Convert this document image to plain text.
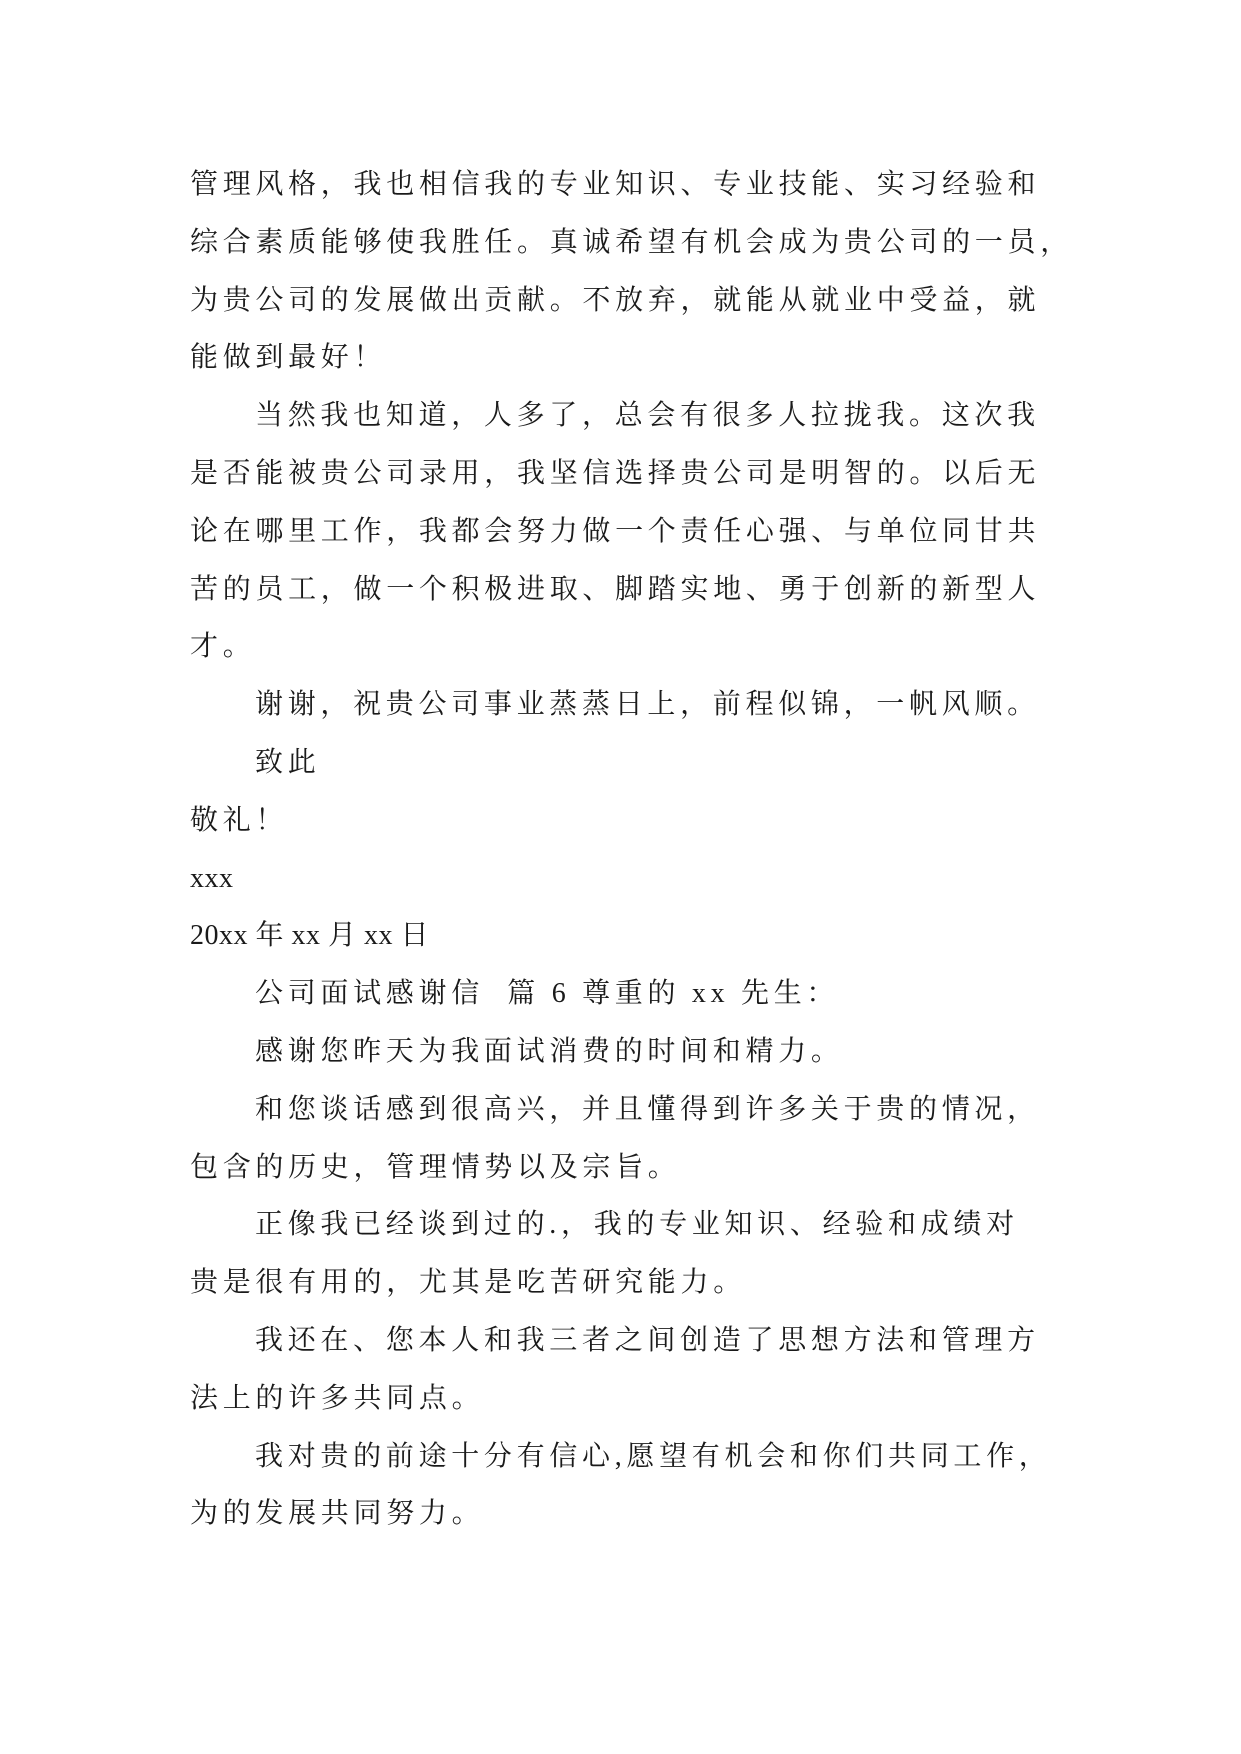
管理风格，我也相信我的专业知识、专业技能、实习经验和
综合素质能够使我胜任。真诚希望有机会成为贵公司的一员，
为贵公司的发展做出贡献。不放弃，就能从就业中受益，就
能做到最好！
当然我也知道，人多了，总会有很多人拉拢我。这次我
是否能被贵公司录用，我坚信选择贵公司是明智的。以后无
论在哪里工作，我都会努力做一个责任心强、与单位同甘共
苦的员工，做一个积极进取、脚踏实地、勇于创新的新型人
才。
谢谢，祝贵公司事业蒸蒸日上，前程似锦，一帆风顺。
致此
敬礼！
xxx
20xx 年 xx 月 xx 日
公司面试感谢信  篇 6 尊重的 xx 先生：
感谢您昨天为我面试消费的时间和精力。
和您谈话感到很高兴，并且懂得到许多关于贵的情况，
包含的历史，管理情势以及宗旨。
正像我已经谈到过的.，我的专业知识、经验和成绩对
贵是很有用的，尤其是吃苦研究能力。
我还在、您本人和我三者之间创造了思想方法和管理方
法上的许多共同点。
我对贵的前途十分有信心,愿望有机会和你们共同工作，
为的发展共同努力。
